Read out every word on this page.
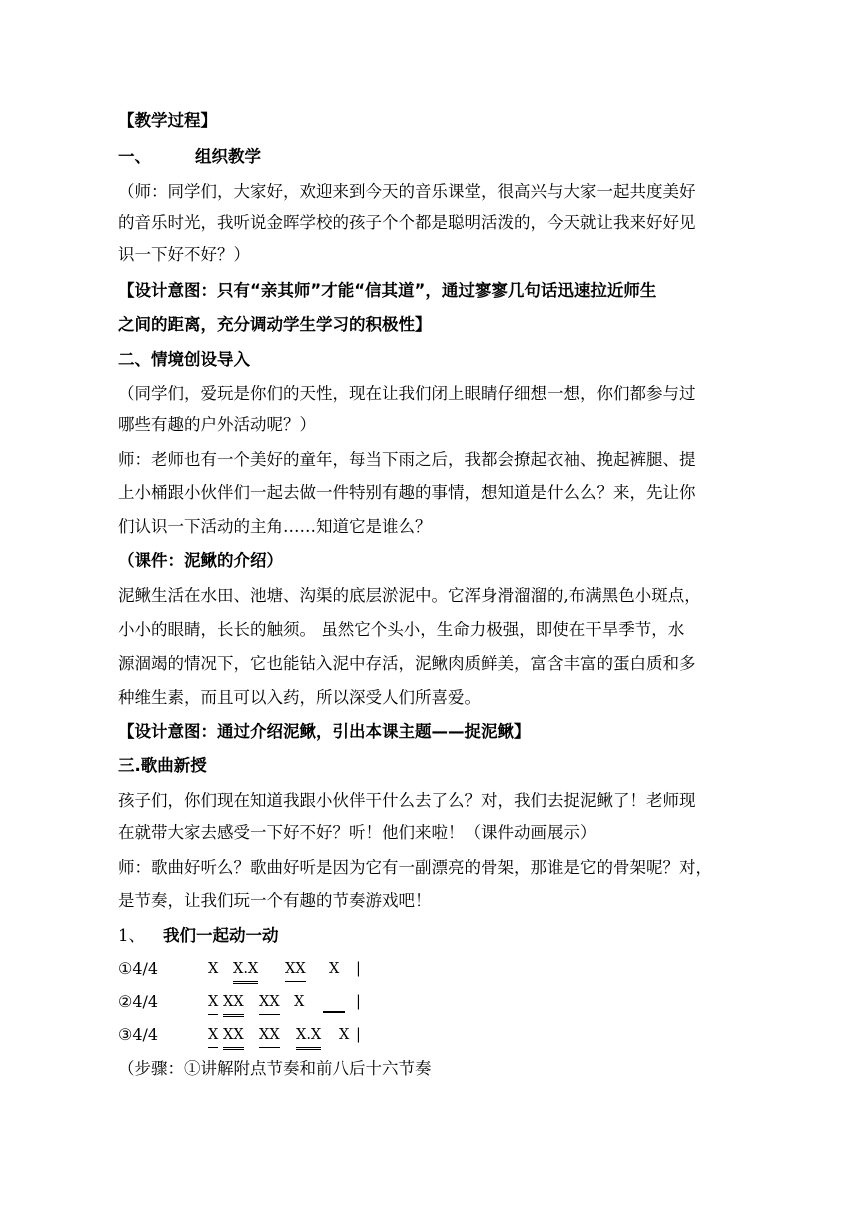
【教学过程】
一、	组织教学
（师：同学们，大家好，欢迎来到今天的音乐课堂，很高兴与大家一起共度美好
的音乐时光，我听说金晖学校的孩子个个都是聪明活泼的，今天就让我来好好见
识一下好不好？）
【设计意图：只有“亲其师”才能“信其道”，通过寥寥几句话迅速拉近师生
之间的距离，充分调动学生学习的积极性】
二、情境创设导入
（同学们，爱玩是你们的天性，现在让我们闭上眼睛仔细想一想，你们都参与过
哪些有趣的户外活动呢？）
师：老师也有一个美好的童年，每当下雨之后，我都会撩起衣袖、挽起裤腿、提
上小桶跟小伙伴们一起去做一件特别有趣的事情，想知道是什么么？来，先让你
们认识一下活动的主角……知道它是谁么？
（课件：泥鳅的介绍）
泥鳅生活在水田、池塘、沟渠的底层淤泥中。它浑身滑溜溜的,布满黑色小斑点，
小小的眼睛，长长的触须。 虽然它个头小，生命力极强，即使在干旱季节，水
源涸竭的情况下，它也能钻入泥中存活，泥鳅肉质鲜美，富含丰富的蛋白质和多
种维生素，而且可以入药，所以深受人们所喜爱。
【设计意图：通过介绍泥鳅，引出本课主题——捉泥鳅】
三.歌曲新授
孩子们，你们现在知道我跟小伙伴干什么去了么？对，我们去捉泥鳅了！老师现
在就带大家去感受一下好不好？听！他们来啦！（课件动画展示）
师：歌曲好听么？歌曲好听是因为它有一副漂亮的骨架，那谁是它的骨架呢？对，
是节奏，让我们玩一个有趣的节奏游戏吧！
1、 我们一起动一动
①4/4	X X.X XX X |
②4/4	X XX XX X	|
③4/4	X XX XX X.X X |
（步骤：①讲解附点节奏和前八后十六节奏
